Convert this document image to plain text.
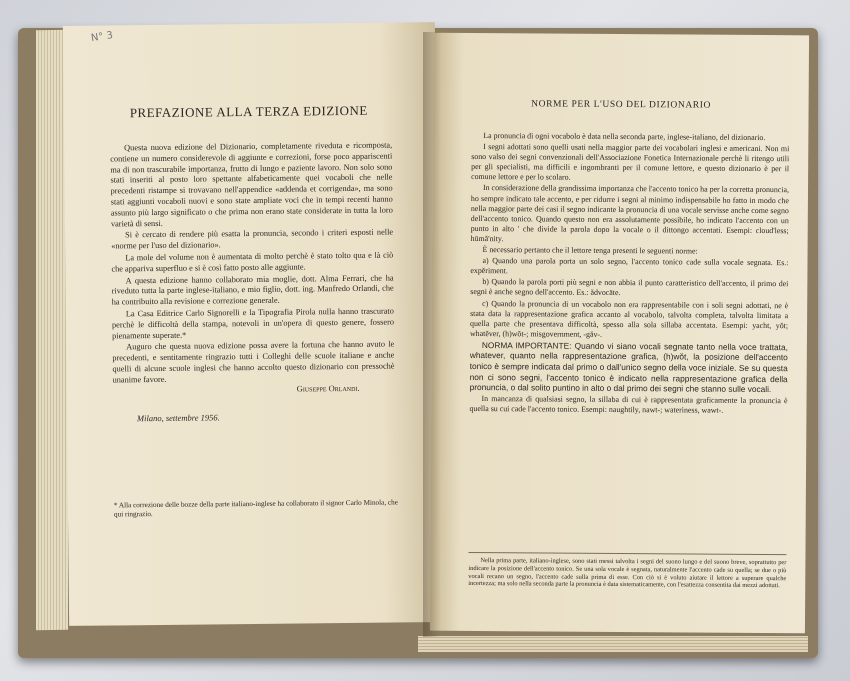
N° 3
PREFAZIONE ALLA TERZA EDIZIONE

Questa nuova edizione del Dizionario, completamente riveduta e ricomposta, contiene un numero considerevole di aggiunte e correzioni, forse poco appariscenti ma di non trascurabile importanza, frutto di lungo e paziente lavoro. Non solo sono stati inseriti al posto loro spettante alfabeticamente quei vocaboli che nelle precedenti ristampe si trovavano nell'appendice «addenda et corrigenda», ma sono stati aggiunti vocaboli nuovi e sono state ampliate voci che in tempi recenti hanno assunto più largo significato o che prima non erano state considerate in tutta la loro varietà di sensi.

Si è cercato di rendere più esatta la pronuncia, secondo i criteri esposti nelle «norme per l'uso del dizionario».

La mole del volume non è aumentata di molto perchè è stato tolto qua e là ciò che appariva superfluo e si è così fatto posto alle aggiunte.

A questa edizione hanno collaborato mia moglie, dott. Alma Ferrari, che ha riveduto tutta la parte inglese-italiano, e mio figlio, dott. ing. Manfredo Orlandi, che ha contribuito alla revisione e correzione generale.

La Casa Editrice Carlo Signorelli e la Tipografia Pirola nulla hanno trascurato perchè le difficoltà della stampa, notevoli in un'opera di questo genere, fossero pienamente superate.*

Auguro che questa nuova edizione possa avere la fortuna che hanno avuto le precedenti, e sentitamente ringrazio tutti i Colleghi delle scuole italiane e anche quelli di alcune scuole inglesi che hanno accolto questo dizionario con pressochè unanime favore.

Giuseppe Orlandi.
Milano, settembre 1956.
* Alla correzione delle bozze della parte italiano-inglese ha collaborato il signor Carlo Minola, che qui ringrazio.
NORME PER L'USO DEL DIZIONARIO

La pronuncia di ogni vocabolo è data nella seconda parte, inglese-italiano, del dizionario.

I segni adottati sono quelli usati nella maggior parte dei vocabolari inglesi e americani. Non mi sono valso dei segni convenzionali dell'Associazione Fonetica Internazionale perchè li ritengo utili per gli specialisti, ma difficili e ingombranti per il comune lettore, e questo dizionario è per il comune lettore e per lo scolaro.

In considerazione della grandissima importanza che l'accento tonico ha per la corretta pronuncia, ho sempre indicato tale accento, e per ridurre i segni al minimo indispensabile ho fatto in modo che nella maggior parte dei casi il segno indicante la pronuncia di una vocale servisse anche come segno dell'accento tonico. Quando questo non era assolutamente possibile, ho indicato l'accento con un punto in alto ' che divide la parola dopo la vocale o il dittongo accentati. Esempi: cloud'less; hūmă'nity.

È necessario pertanto che il lettore tenga presenti le seguenti norme:

a) Quando una parola porta un solo segno, l'accento tonico cade sulla vocale segnata. Es.: expĕriment.

b) Quando la parola porti più segni e non abbia il punto caratteristico dell'accento, il primo dei segni è anche segno dell'accento. Es.: ădvocāte.

c) Quando la pronuncia di un vocabolo non era rappresentabile con i soli segni adottati, ne è stata data la rappresentazione grafica accanto al vocabolo, talvolta completa, talvolta limitata a quella parte che presentava difficoltà, spesso alla sola sillaba accentata. Esempi: yacht, yŏt; whatĕver, (h)wŏt-; misgovernment, -găv-.

NORMA IMPORTANTE: Quando vi siano vocali segnate tanto nella voce trattata, whatever, quanto nella rappresentazione grafica, (h)wŏt, la posizione dell'accento tonico è sempre indicata dal primo o dall'unico segno della voce iniziale. Se su questa non ci sono segni, l'accento tonico è indicato nella rappresentazione grafica della pronuncia, o dal solito puntino in alto o dal primo dei segni che stanno sulle vocali.

In mancanza di qualsiasi segno, la sillaba di cui è rappresentata graficamente la pronuncia è quella su cui cade l'accento tonico. Esempi: naughtily, nawt-; wateriness, wawt-.

Nella prima parte, italiano-inglese, sono stati messi talvolta i segni del suono lungo e del suono breve, soprattutto per indicare la posizione dell'accento tonico. Se una sola vocale è segnata, naturalmente l'accento cade su quella; se due o più vocali recano un segno, l'accento cade sulla prima di esse. Con ciò si è voluto aiutare il lettore a superare qualche incertezza; ma solo nella seconda parte la pronuncia è data sistematicamente, con l'esattezza consentita dai mezzi adottati.
